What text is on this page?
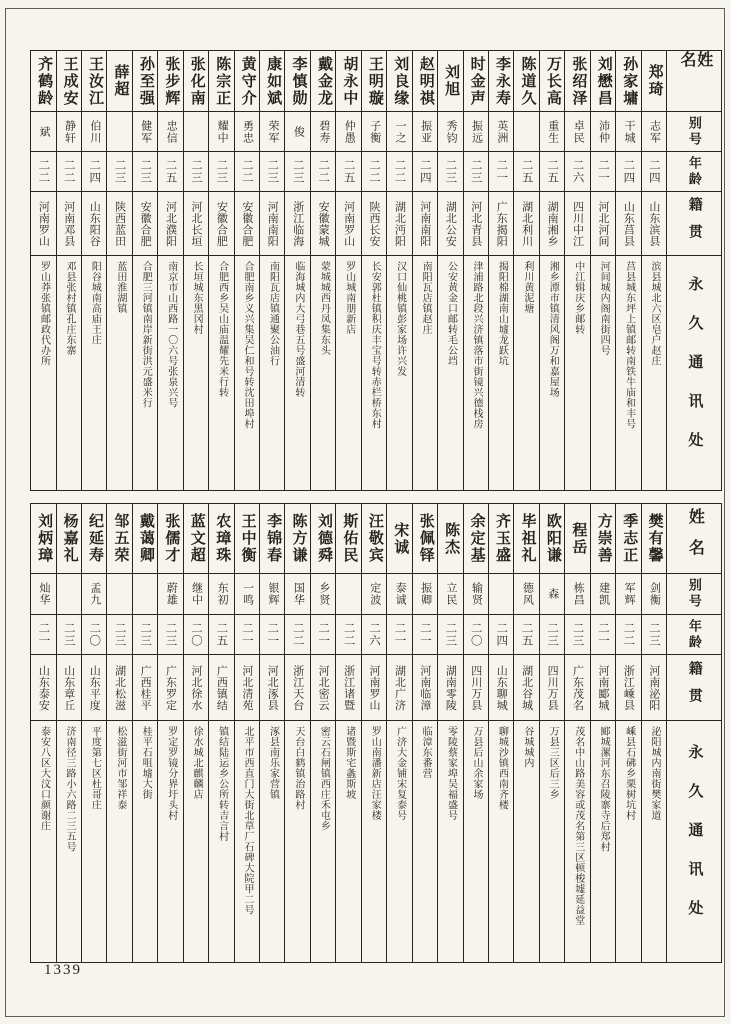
姓名
别号
年龄
籍贯
永久通讯处
郑琦
志军
二四
山东滨县
滨县城北六区皂户赵庄
孙家墉
干城
二四
山东莒县
莒县城东坪上镇邮转南铁牛庙和丰号
刘懋昌
沛仲
二一
河北河间
河间城内阁南街四号
张绍泽
卓民
二六
四川中江
中江辑庆乡邮转
万长高
重生
二五
湖南湘乡
湘乡潭市镇清风阁万和嘉屋场
陈道久
二五
湖北利川
利川黄泥塘
李永寿
英洲
二一
广东揭阳
揭阳棉湖南山墟龙跃坑
时金声
振远
二三
河北青县
津浦路北段兴济镇落市街镜兴德栈房
刘旭
秀钧
二三
湖北公安
公安黄金口邮转毛公垱
赵明祺
振亚
二四
河南南阳
南阳瓦店镇赵庄
刘良缘
一之
二二
湖北沔阳
汉口仙桃镇彭家场许兴发
王明璇
子衡
二二
陕西长安
长安郭杜镇积庆丰宝号转赤栏桥东村
胡永中
仲愚
二五
河南罗山
罗山城南朋新店
戴金龙
碧寿
二二
安徽蒙城
蒙城城西丹凤集东头
李慎勋
俊
二三
浙江临海
临海城内大弓巷五号盛河清转
康如斌
荣军
二三
河南南阳
南阳瓦店镇通聚公油行
黄守介
勇忠
二二
安徽合肥
合肥南乡义兴集吴仁和号转沈田埠村
陈宗正
耀中
二三
安徽合肥
合肥西乡吴山庙温耀先米行转
张化南
二三
河北长垣
长垣城东黑冈村
张步辉
忠信
二五
河北濮阳
南京市山西路一〇六号张泉兴号
孙至强
健军
二三
安徽合肥
合肥三河镇南岸新街洪元盛米行
薛超
二三
陕西蓝田
蓝田淮湖镇
王汝江
伯川
二四
山东阳谷
阳谷城南高庙王庄
王成安
静轩
二二
河南邓县
邓县张村镇孔庄东寨
齐鹤龄
斌
二二
河南罗山
罗山莽张镇邮政代办所
姓名
别号
年龄
籍贯
永久通讯处
樊有馨
剑衡
二三
河南泌阳
泌阳城内南街樊家道
季志正
军辉
二二
浙江嵊县
嵊县石砩乡栗树坑村
方崇善
建凯
二一
河南郾城
郾城漯河东召陵寨寺后郑村
程岳
栋昌
二三
广东茂名
茂名中山路美容或茂名第三区顿梭墟延益堂
欧阳谦
森
二三
四川万县
万县三区后三乡
毕祖礼
德风
二五
湖北谷城
谷城城内
齐玉盛
二四
山东聊城
聊城沙镇西南齐楼
余定基
输贤
二〇
四川万县
万县后山余家场
陈杰
立民
二三
湖南零陵
零陵蔡家埠吴福盛号
张佩铎
振卿
二一
河南临漳
临漳东番营
宋诚
泰诚
二一
湖北广济
广济大金铺宋复泰号
汪敬宾
定波
二六
河南罗山
罗山南潘新店汪家楼
斯佑民
二二
浙江诸暨
诸暨斯宅螽斯坡
刘德舜
乡贤
二一
河北密云
密云石闸镇西庄禾屯乡
陈方谦
国华
二二
浙江天台
天台白鹤镇治路村
李锦春
银辉
二一
河北涿县
涿县南乐家营镇
王中衡
一鸣
二一
河北清苑
北平市西直门大街北草厂石碑大院甲二号
农璋珠
东初
二五
广西镇结
镇结陆运乡公所转吉言村
蓝文超
继中
二〇
河北徐水
徐水城北麒麟店
张儒才
蔚雄
二三
广东罗定
罗定罗镜分界圩头村
戴蔼卿
二三
广西桂平
桂平石咀墟大街
邹五荣
二三
湖北松滋
松滋街河市邹祥泰
纪延寿
孟九
二〇
山东平度
平度第七区杜哥庄
杨嘉礼
二三
山东章丘
济南径三路小六路二三五号
刘炳璋
灿华
二一
山东泰安
泰安八区大汶口颜谢庄
1339
